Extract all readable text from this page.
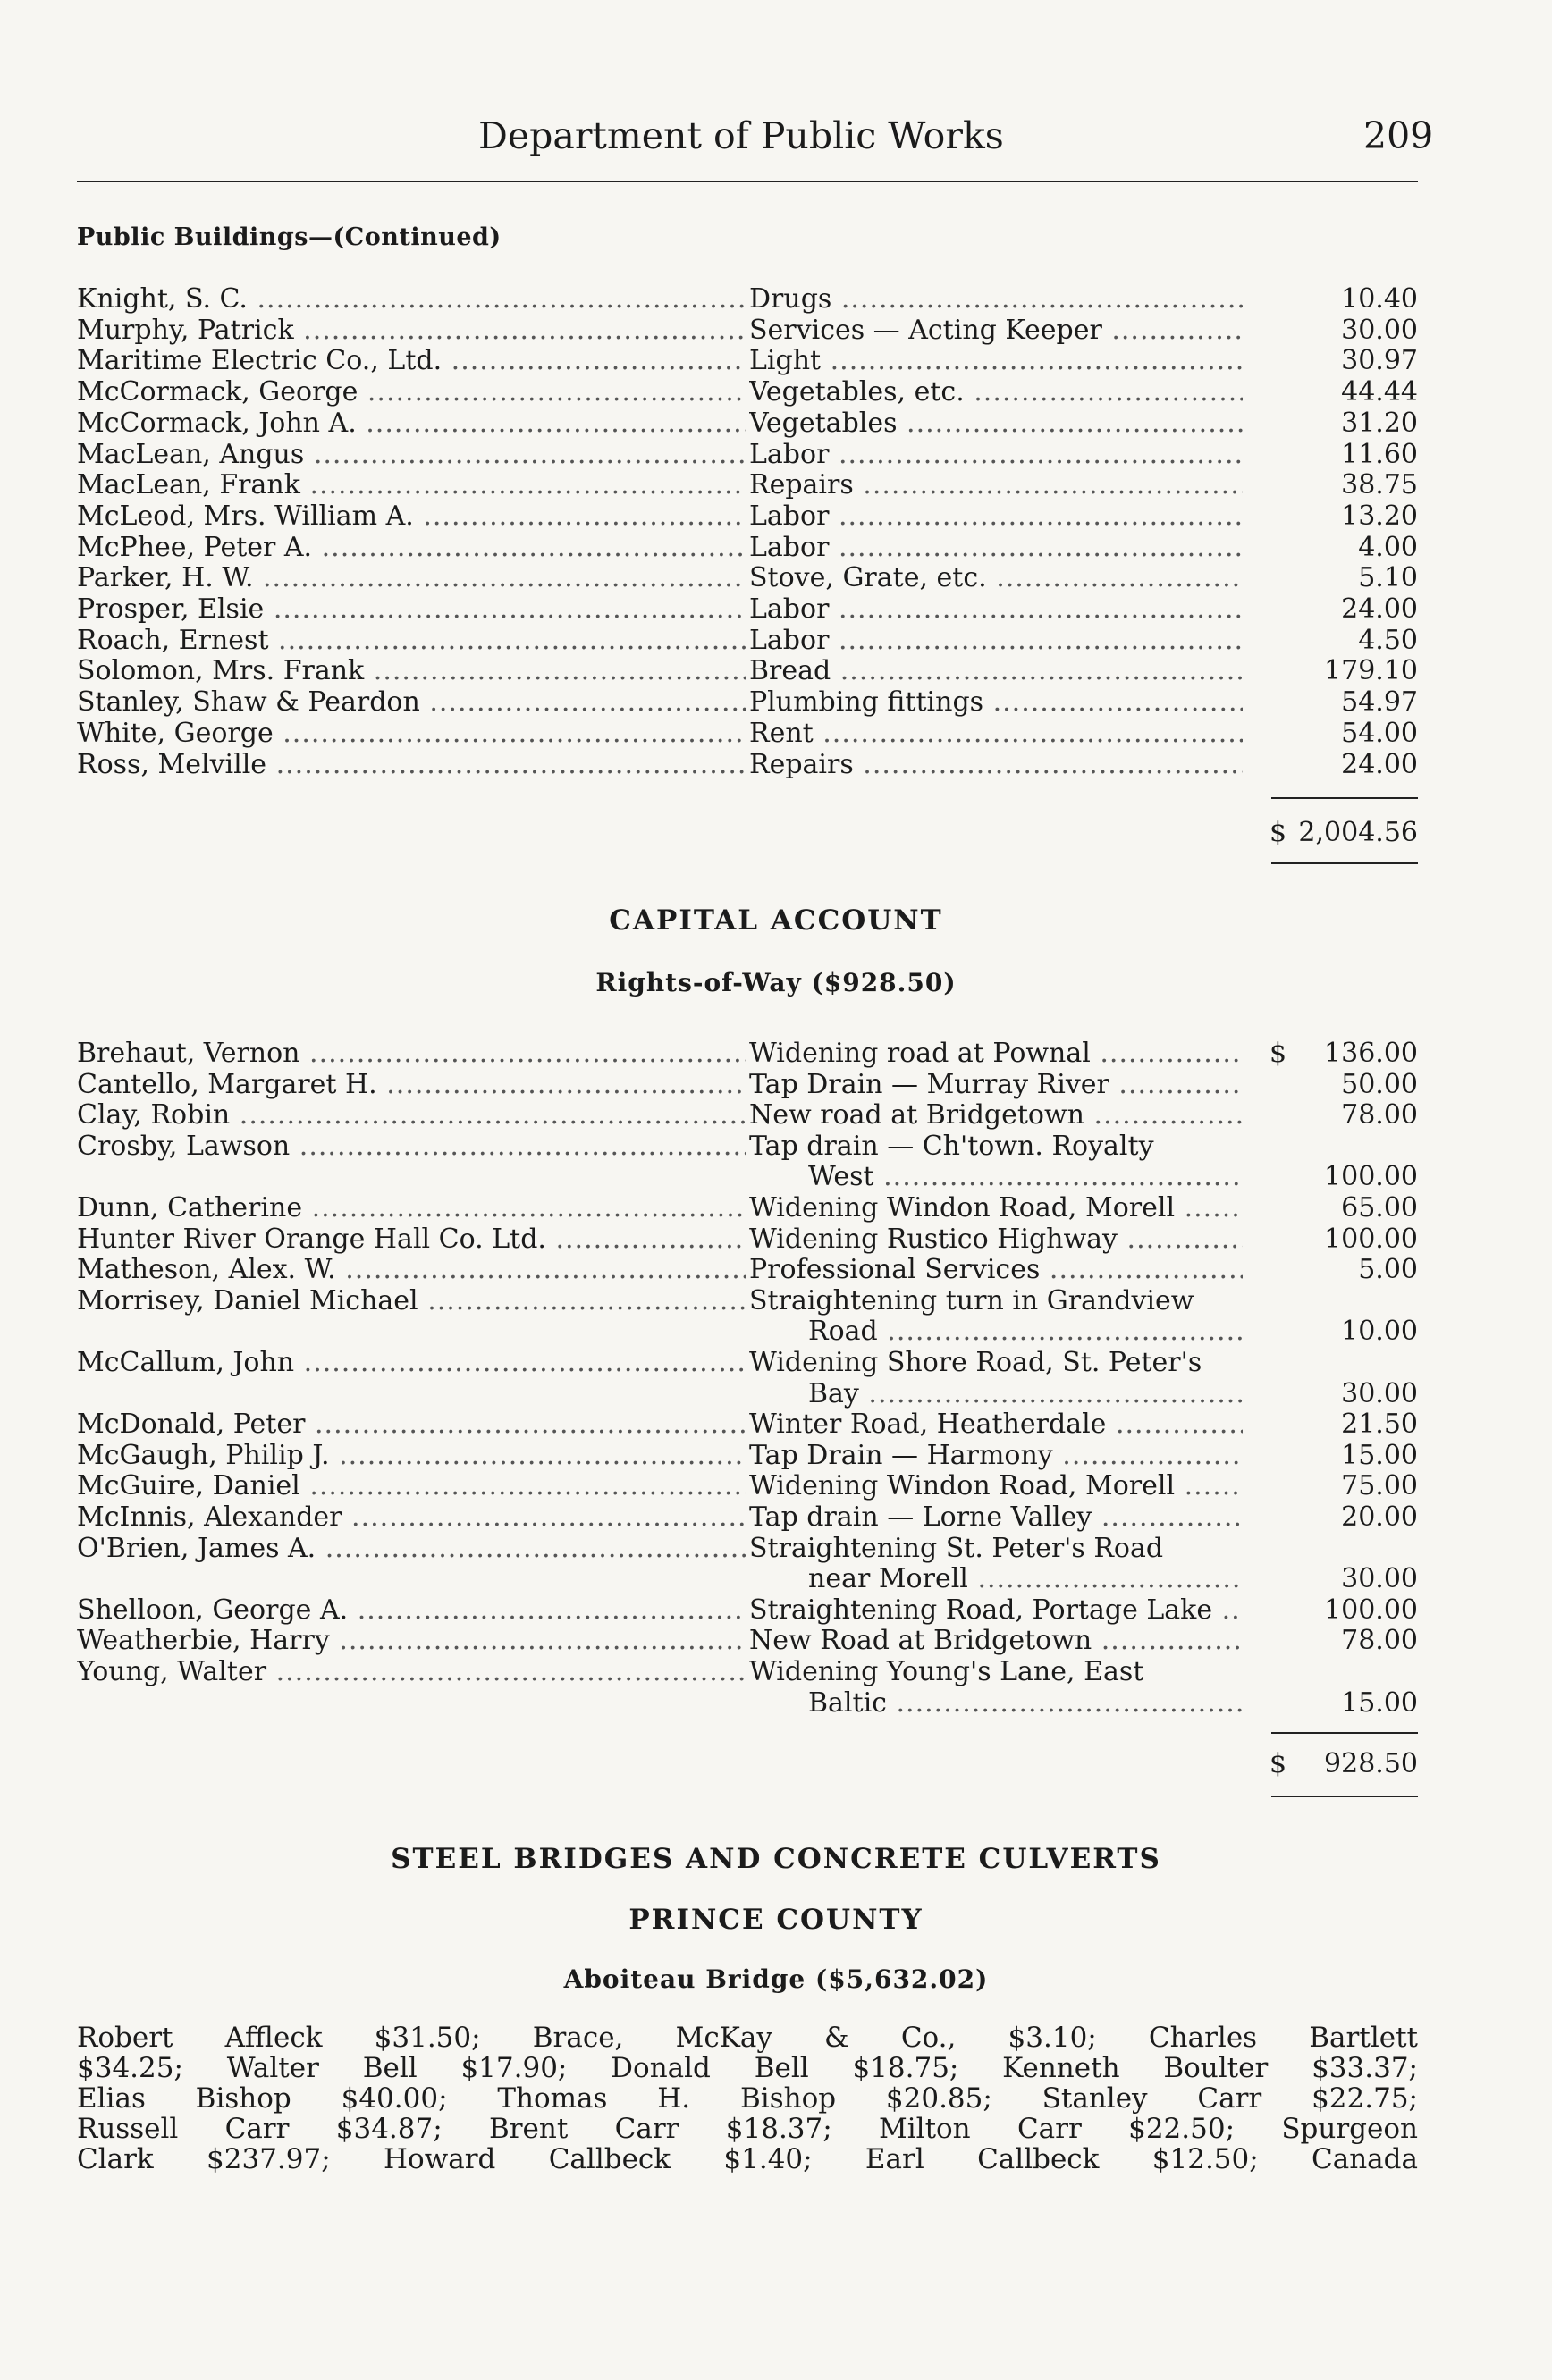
Department of Public Works	209
Public Buildings—(Continued)
Knight, S. C. .....	Drugs .....	10.40
Murphy, Patrick .....	Services — Acting Keeper .....	30.00
Maritime Electric Co., Ltd. .....	Light .....	30.97
McCormack, George .....	Vegetables, etc. .....	44.44
McCormack, John A. .....	Vegetables .....	31.20
MacLean, Angus .....	Labor .....	11.60
MacLean, Frank .....	Repairs .....	38.75
McLeod, Mrs. William A. .....	Labor .....	13.20
McPhee, Peter A. .....	Labor .....	4.00
Parker, H. W. .....	Stove, Grate, etc. .....	5.10
Prosper, Elsie .....	Labor .....	24.00
Roach, Ernest .....	Labor .....	4.50
Solomon, Mrs. Frank .....	Bread .....	179.10
Stanley, Shaw & Peardon .....	Plumbing fittings .....	54.97
White, George .....	Rent .....	54.00
Ross, Melville .....	Repairs .....	24.00
$ 2,004.56
CAPITAL ACCOUNT
Rights-of-Way ($928.50)
Brehaut, Vernon .....	Widening road at Pownal .....	$	136.00
Cantello, Margaret H. .....	Tap Drain — Murray River .....	50.00
Clay, Robin .....	New road at Bridgetown .....	78.00
Crosby, Lawson .....	Tap drain — Ch'town. Royalty
West .....	100.00
Dunn, Catherine .....	Widening Windon Road, Morell .....	65.00
Hunter River Orange Hall Co. Ltd. .....	Widening Rustico Highway .....	100.00
Matheson, Alex. W. .....	Professional Services .....	5.00
Morrisey, Daniel Michael .....	Straightening turn in Grandview
Road .....	10.00
McCallum, John .....	Widening Shore Road, St. Peter's
Bay .....	30.00
McDonald, Peter .....	Winter Road, Heatherdale .....	21.50
McGaugh, Philip J. .....	Tap Drain — Harmony .....	15.00
McGuire, Daniel .....	Widening Windon Road, Morell .....	75.00
McInnis, Alexander .....	Tap drain — Lorne Valley .....	20.00
O'Brien, James A. .....	Straightening St. Peter's Road
near Morell .....	30.00
Shelloon, George A. .....	Straightening Road, Portage Lake .....	100.00
Weatherbie, Harry .....	New Road at Bridgetown .....	78.00
Young, Walter .....	Widening Young's Lane, East
Baltic .....	15.00
$	928.50
STEEL BRIDGES AND CONCRETE CULVERTS
PRINCE COUNTY
Aboiteau Bridge ($5,632.02)

Robert Affleck $31.50; Brace, McKay & Co., $3.10; Charles Bartlett

$34.25; Walter Bell $17.90; Donald Bell $18.75; Kenneth Boulter $33.37;

Elias Bishop $40.00; Thomas H. Bishop $20.85; Stanley Carr $22.75;

Russell Carr $34.87; Brent Carr $18.37; Milton Carr $22.50; Spurgeon

Clark $237.97; Howard Callbeck $1.40; Earl Callbeck $12.50; Canada
